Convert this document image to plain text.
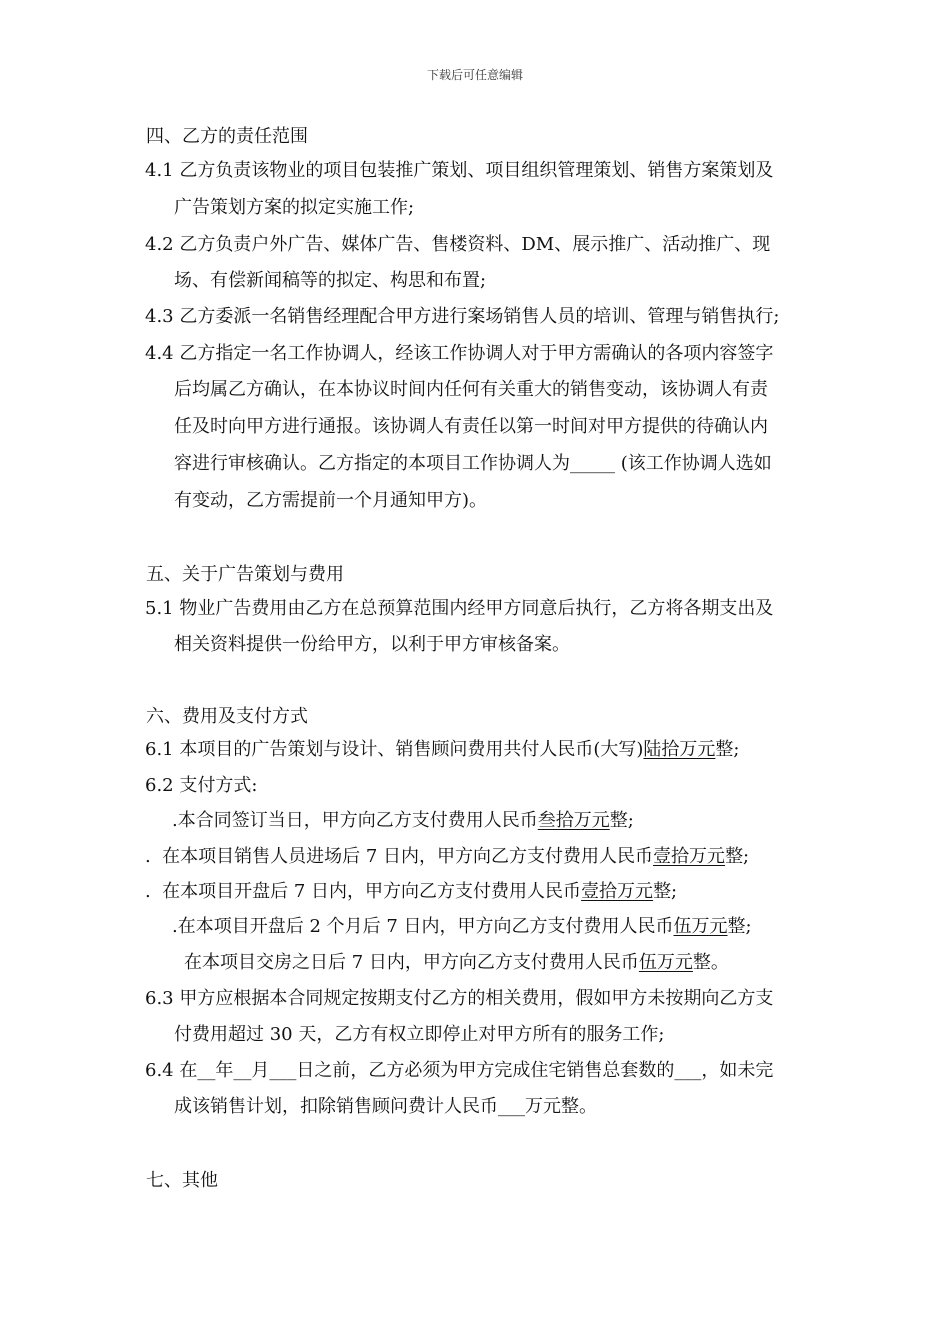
下载后可任意编辑
四、乙方的责任范围
4.1 乙方负责该物业的项目包装推广策划、项目组织管理策划、销售方案策划及
广告策划方案的拟定实施工作;
4.2 乙方负责户外广告、媒体广告、售楼资料、DM、展示推广、活动推广、现
场、有偿新闻稿等的拟定、构思和布置;
4.3 乙方委派一名销售经理配合甲方进行案场销售人员的培训、管理与销售执行;
4.4 乙方指定一名工作协调人，经该工作协调人对于甲方需确认的各项内容签字
后均属乙方确认，在本协议时间内任何有关重大的销售变动，该协调人有责
任及时向甲方进行通报。该协调人有责任以第一时间对甲方提供的待确认内
容进行审核确认。乙方指定的本项目工作协调人为_____ (该工作协调人选如
有变动，乙方需提前一个月通知甲方)。
五、关于广告策划与费用
5.1 物业广告费用由乙方在总预算范围内经甲方同意后执行，乙方将各期支出及
相关资料提供一份给甲方，以利于甲方审核备案。
六、费用及支付方式
6.1 本项目的广告策划与设计、销售顾问费用共付人民币(大写)陆拾万元整;
6.2 支付方式:
.本合同签订当日，甲方向乙方支付费用人民币叁拾万元整;
.  在本项目销售人员进场后 7 日内，甲方向乙方支付费用人民币壹拾万元整;
.  在本项目开盘后 7 日内，甲方向乙方支付费用人民币壹拾万元整;
.在本项目开盘后 2 个月后 7 日内，甲方向乙方支付费用人民币伍万元整;
在本项目交房之日后 7 日内，甲方向乙方支付费用人民币伍万元整。
6.3 甲方应根据本合同规定按期支付乙方的相关费用，假如甲方未按期向乙方支
付费用超过 30 天，乙方有权立即停止对甲方所有的服务工作;
6.4 在__年__月___日之前，乙方必须为甲方完成住宅销售总套数的___，如未完
成该销售计划，扣除销售顾问费计人民币___万元整。
七、其他
